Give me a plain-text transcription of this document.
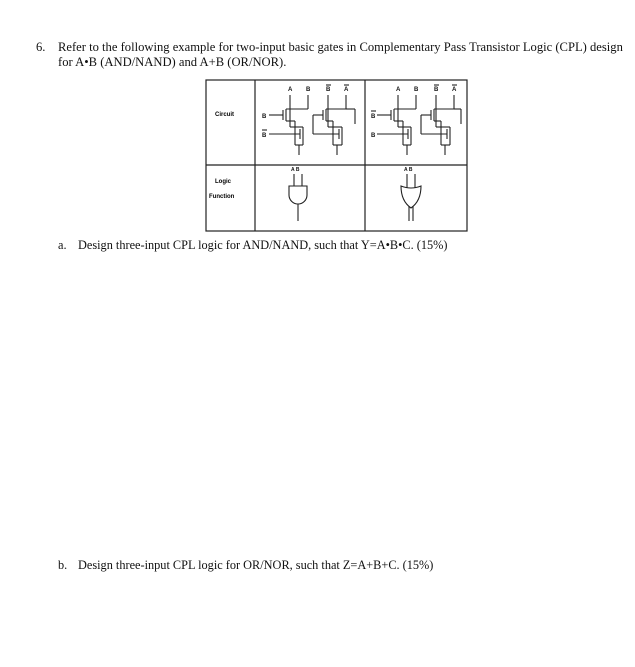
6. Refer to the following example for two-input basic gates in Complementary Pass Transistor Logic (CPL) design for A•B (AND/NAND) and A+B (OR/NOR).
Circuit
Logic
Function
A B	B A
B
B
A B	B A
B
B
A B	A B
a. Design three-input CPL logic for AND/NAND, such that Y=A•B•C. (15%)
b. Design three-input CPL logic for OR/NOR, such that Z=A+B+C. (15%)
